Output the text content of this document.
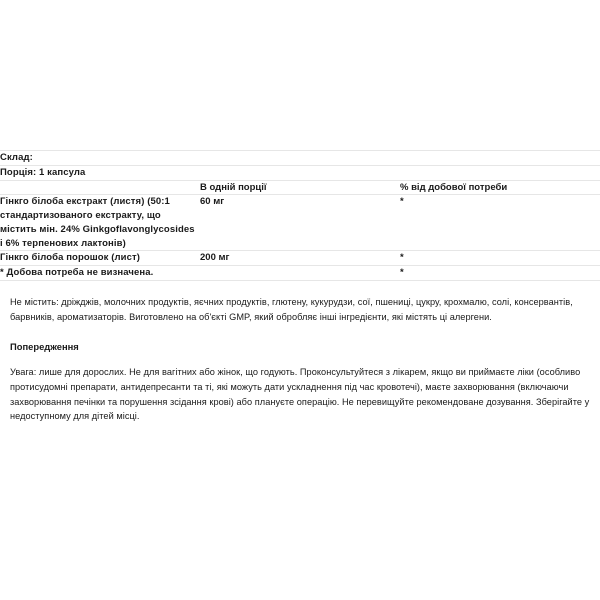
Склад:		
Порція: 1 капсула		
	В одній порції	% від добової потреби
Гінкго білоба екстракт (листя) (50:1 стандартизованого екстракту, що містить мін. 24% Ginkgoflavonglycosides і 6% терпенових лактонів)	60 мг	*
Гінкго білоба порошок (лист)	200 мг	*
* Добова потреба не визначена.		*

Не містить: дріжджів, молочних продуктів, яєчних продуктів, глютену, кукурудзи, сої, пшениці, цукру, крохмалю, солі, консервантів, барвників, ароматизаторів. Виготовлено на об'єкті GMP, який обробляє інші інгредієнти, які містять ці алергени.

Попередження

Увага: лише для дорослих. Не для вагітних або жінок, що годують. Проконсультуйтеся з лікарем, якщо ви приймаєте ліки (особливо протисудомні препарати, антидепресанти та ті, які можуть дати ускладнення під час кровотечі), маєте захворювання (включаючи захворювання печінки та порушення зсідання крові) або плануєте операцію. Не перевищуйте рекомендоване дозування. Зберігайте у недоступному для дітей місці.
